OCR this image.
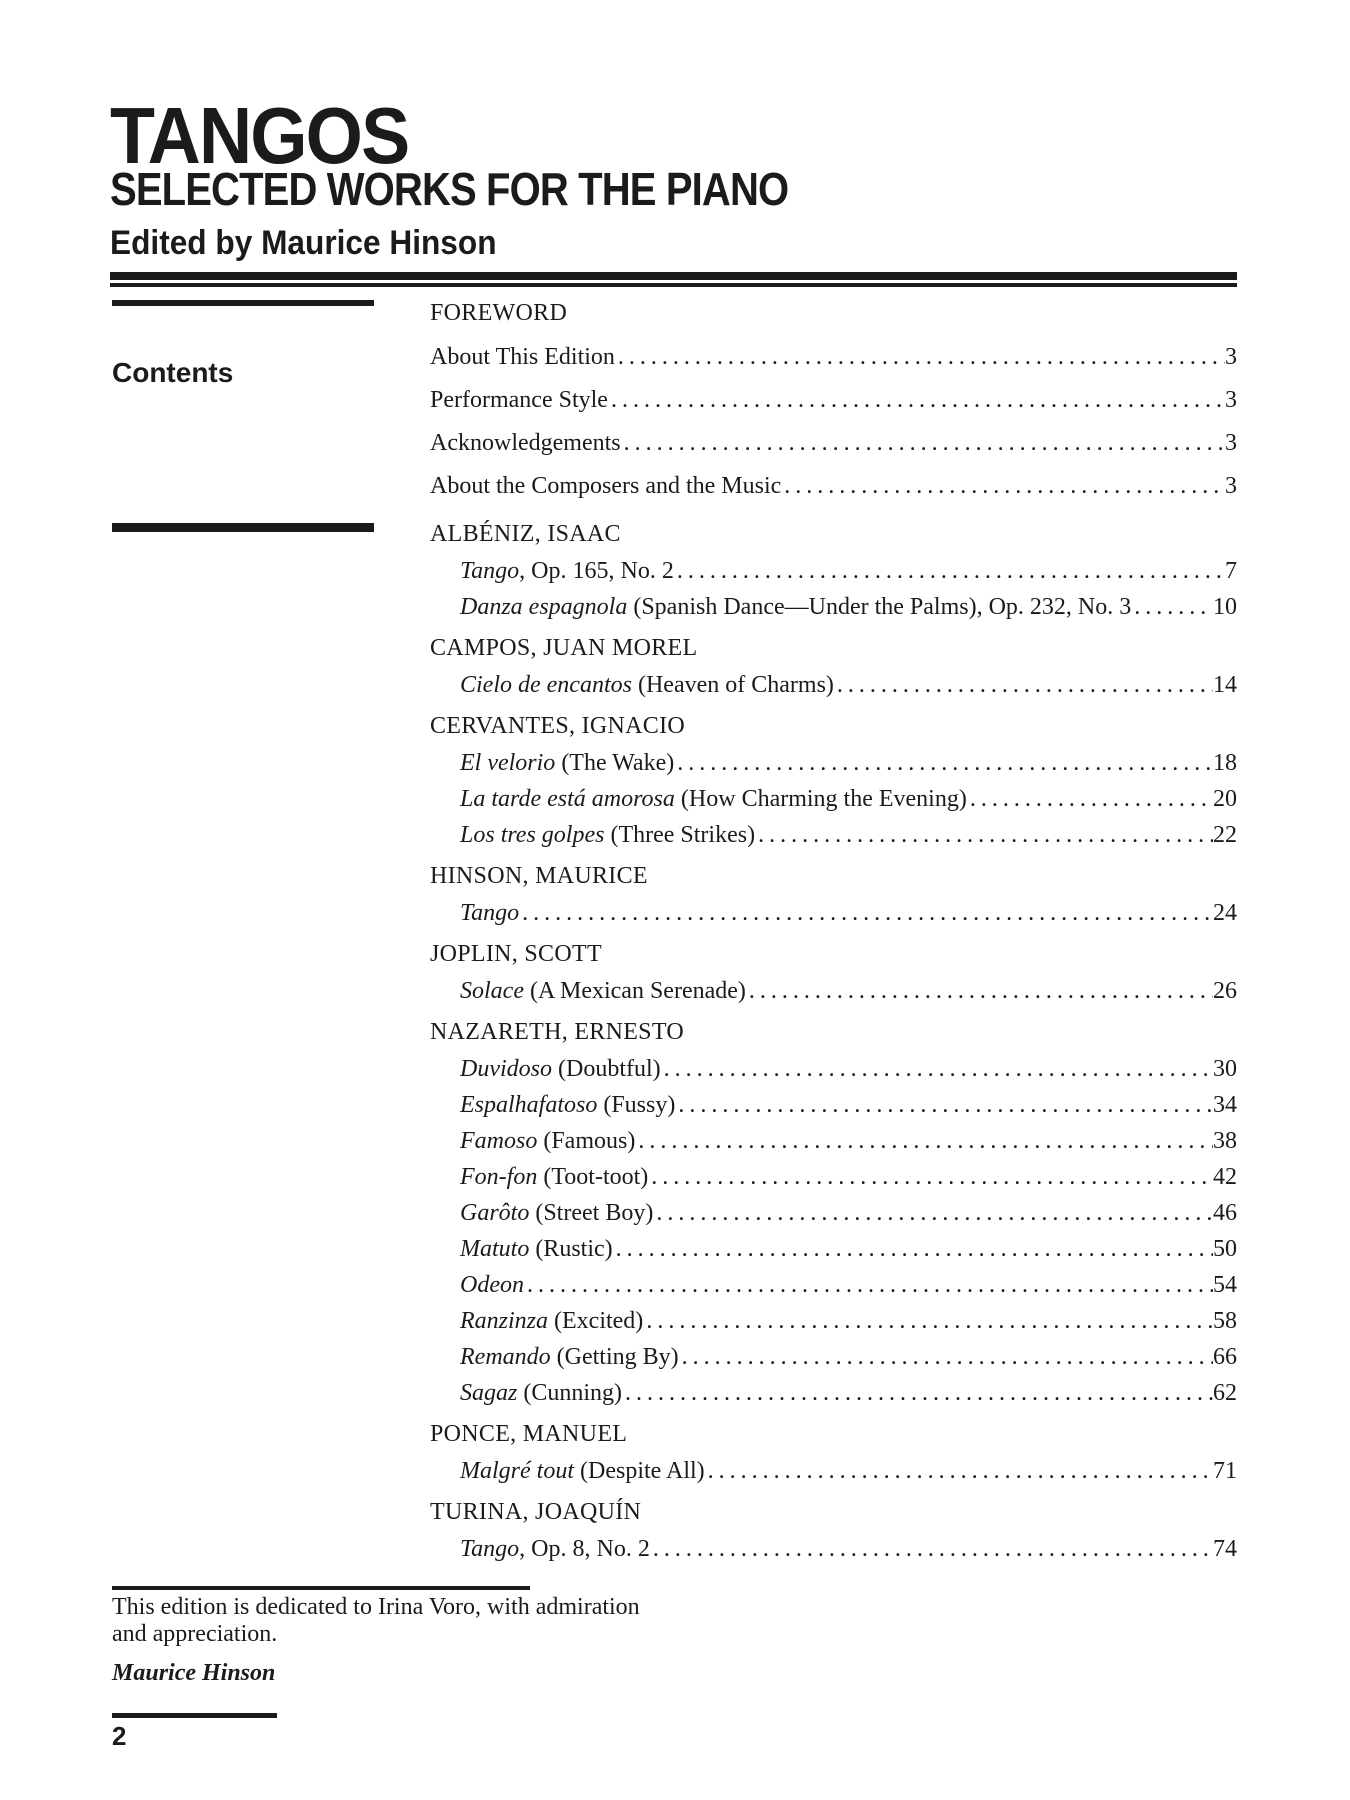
TANGOS
SELECTED WORKS FOR THE PIANO
Edited by Maurice Hinson
Contents
FOREWORD
About This Edition .....	3
Performance Style .....	3
Acknowledgements .....	3
About the Composers and the Music .....	3
ALBÉNIZ, ISAAC
Tango, Op. 165, No. 2 .....	7
Danza espagnola (Spanish Dance—Under the Palms), Op. 232, No. 3 .....	10
CAMPOS, JUAN MOREL
Cielo de encantos (Heaven of Charms) .....	14
CERVANTES, IGNACIO
El velorio (The Wake) .....	18
La tarde está amorosa (How Charming the Evening) .....	20
Los tres golpes (Three Strikes) .....	22
HINSON, MAURICE
Tango .....	24
JOPLIN, SCOTT
Solace (A Mexican Serenade) .....	26
NAZARETH, ERNESTO
Duvidoso (Doubtful) .....	30
Espalhafatoso (Fussy) .....	34
Famoso (Famous) .....	38
Fon-fon (Toot-toot) .....	42
Garôto (Street Boy) .....	46
Matuto (Rustic) .....	50
Odeon .....	54
Ranzinza (Excited) .....	58
Remando (Getting By) .....	66
Sagaz (Cunning) .....	62
PONCE, MANUEL
Malgré tout (Despite All) .....	71
TURINA, JOAQUÍN
Tango, Op. 8, No. 2 .....	74

This edition is dedicated to Irina Voro, with admiration
and appreciation.

Maurice Hinson

2
